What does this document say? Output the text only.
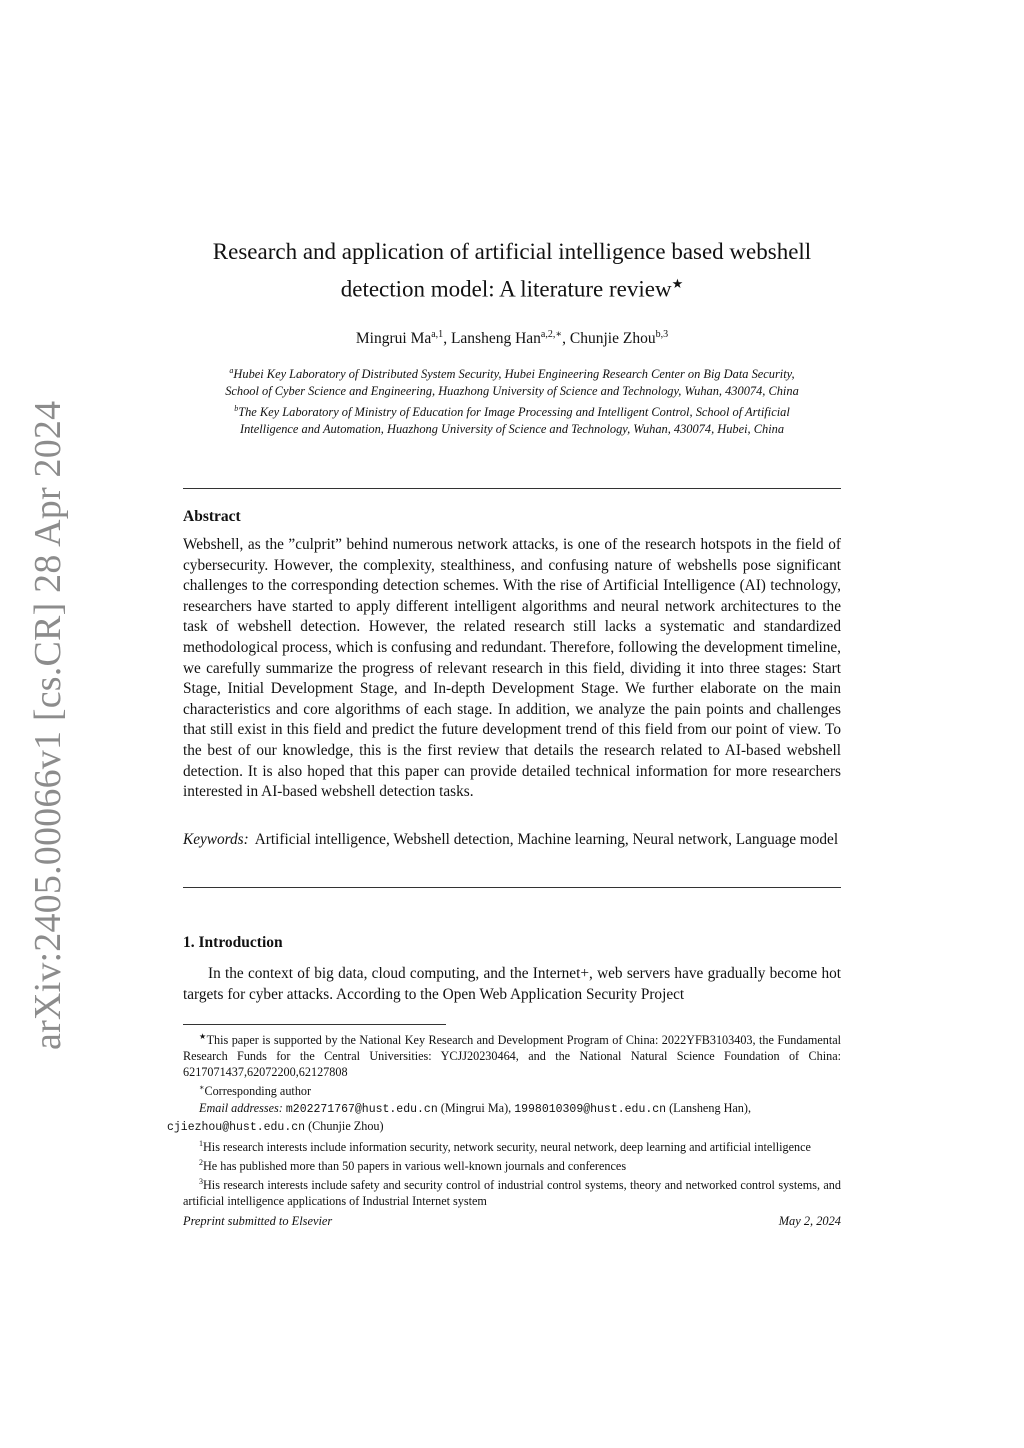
arXiv:2405.00066v1 [cs.CR] 28 Apr 2024
Research and application of artificial intelligence based webshell
detection model: A literature review★
Mingrui Ma$^{a,1}$, Lansheng Han$^{a,2,∗}$, Chunjie Zhou$^{b,3}$
$^a$Hubei Key Laboratory of Distributed System Security, Hubei Engineering Research Center on Big Data Security,
School of Cyber Science and Engineering, Huazhong University of Science and Technology, Wuhan, 430074, China
$^b$The Key Laboratory of Ministry of Education for Image Processing and Intelligent Control, School of Artificial
Intelligence and Automation, Huazhong University of Science and Technology, Wuhan, 430074, Hubei, China
Abstract
Webshell, as the ”culprit” behind numerous network attacks, is one of the research hotspots in the field of cybersecurity. However, the complexity, stealthiness, and confusing nature of webshells pose significant challenges to the corresponding detection schemes. With the rise of Artificial Intelligence (AI) technology, researchers have started to apply different intelligent algorithms and neural network architectures to the task of webshell detection. However, the related research still lacks a systematic and standardized methodological process, which is confusing and redundant. Therefore, following the development timeline, we carefully summarize the progress of relevant research in this field, dividing it into three stages: Start Stage, Initial Development Stage, and In-depth Development Stage. We further elaborate on the main characteristics and core algorithms of each stage. In addition, we analyze the pain points and challenges that still exist in this field and predict the future development trend of this field from our point of view. To the best of our knowledge, this is the first review that details the research related to AI-based webshell detection. It is also hoped that this paper can provide detailed technical information for more researchers interested in AI-based webshell detection tasks.
Keywords: Artificial intelligence, Webshell detection, Machine learning, Neural network, Language model
1. Introduction
In the context of big data, cloud computing, and the Internet+, web servers have gradually become hot targets for cyber attacks. According to the Open Web Application Security Project

★This paper is supported by the National Key Research and Development Program of China: 2022YFB3103403, the Fundamental Research Funds for the Central Universities: YCJJ20230464, and the National Natural Science Foundation of China: 6217071437,62072200,62127808

∗Corresponding author

Email addresses: m202271767@hust.edu.cn (Mingrui Ma), 1998010309@hust.edu.cn (Lansheng Han),
cjiezhou@hust.edu.cn (Chunjie Zhou)

$^1$His research interests include information security, network security, neural network, deep learning and artificial intelligence

$^2$He has published more than 50 papers in various well-known journals and conferences

$^3$His research interests include safety and security control of industrial control systems, theory and networked control systems, and artificial intelligence applications of Industrial Internet system

Preprint submitted to Elsevier	May 2, 2024
